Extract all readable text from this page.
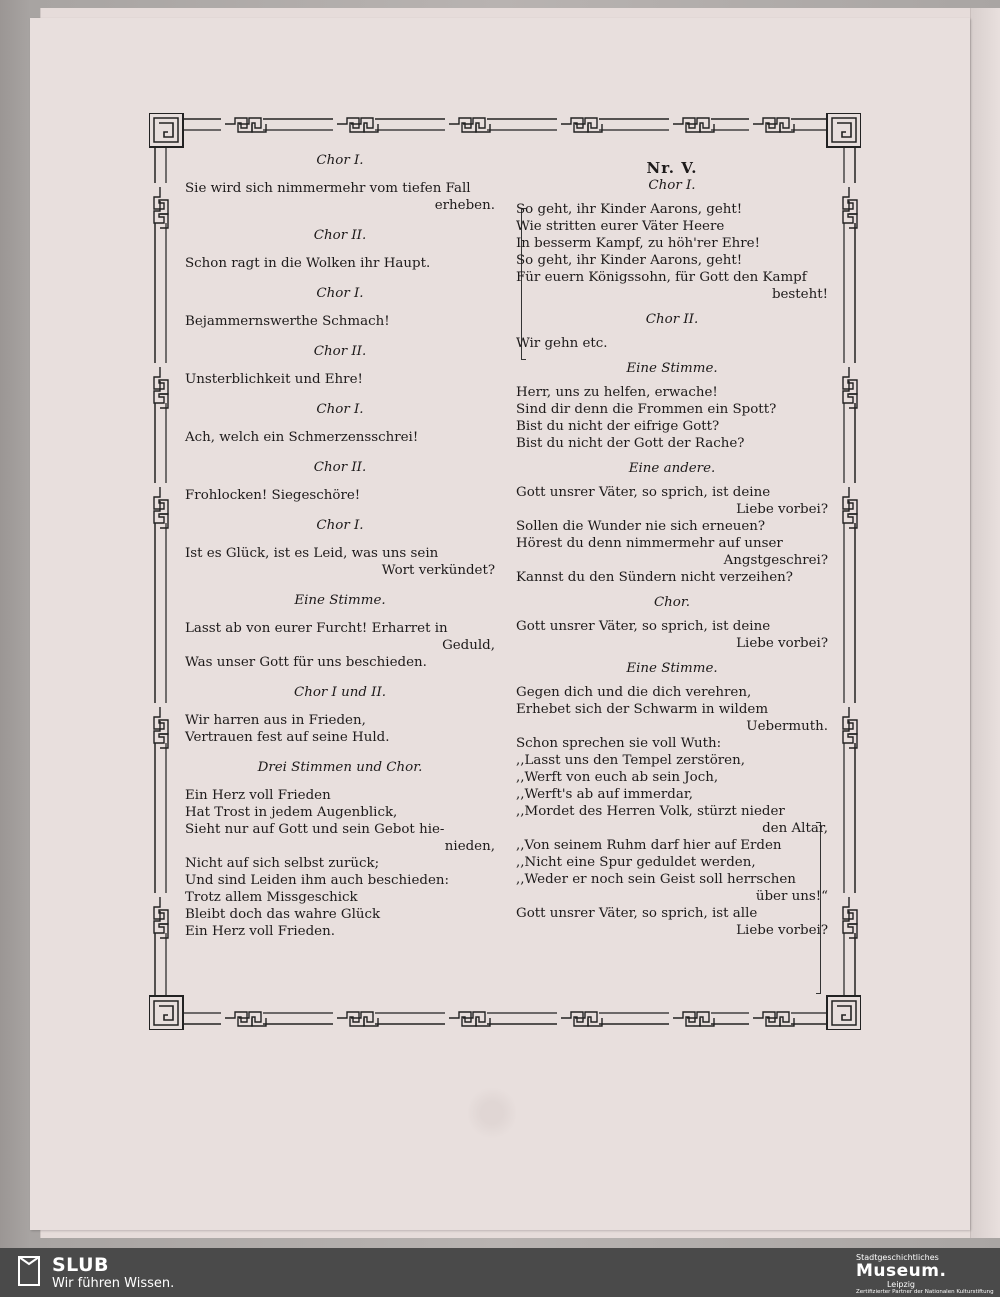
Chor I.
Sie wird sich nimmermehr vom tiefen Fall
erheben.
Chor II.
Schon ragt in die Wolken ihr Haupt.
Chor I.
Bejammernswerthe Schmach!
Chor II.
Unsterblichkeit und Ehre!
Chor I.
Ach, welch ein Schmerzensschrei!
Chor II.
Frohlocken! Siegeschöre!
Chor I.
Ist es Glück, ist es Leid, was uns sein
Wort verkündet?
Eine Stimme.
Lasst ab von eurer Furcht! Erharret in
Geduld,
Was unser Gott für uns beschieden.
Chor I und II.
Wir harren aus in Frieden,
Vertrauen fest auf seine Huld.
Drei Stimmen und Chor.
Ein Herz voll Frieden
Hat Trost in jedem Augenblick,
Sieht nur auf Gott und sein Gebot hie-
nieden,
Nicht auf sich selbst zurück;
Und sind Leiden ihm auch beschieden:
Trotz allem Missgeschick
Bleibt doch das wahre Glück
Ein Herz voll Frieden.
Nr. V.
Chor I.
So geht, ihr Kinder Aarons, geht!
Wie stritten eurer Väter Heere
In besserm Kampf, zu höh'rer Ehre!
So geht, ihr Kinder Aarons, geht!
Für euern Königssohn, für Gott den Kampf
besteht!
Chor II.
Wir gehn etc.
Eine Stimme.
Herr, uns zu helfen, erwache!
Sind dir denn die Frommen ein Spott?
Bist du nicht der eifrige Gott?
Bist du nicht der Gott der Rache?
Eine andere.
Gott unsrer Väter, so sprich, ist deine
Liebe vorbei?
Sollen die Wunder nie sich erneuen?
Hörest du denn nimmermehr auf unser
Angstgeschrei?
Kannst du den Sündern nicht verzeihen?
Chor.
Gott unsrer Väter, so sprich, ist deine
Liebe vorbei?
Eine Stimme.
Gegen dich und die dich verehren,
Erhebet sich der Schwarm in wildem
Uebermuth.
Schon sprechen sie voll Wuth:
,,Lasst uns den Tempel zerstören,
,,Werft von euch ab sein Joch,
,,Werft's ab auf immerdar,
,,Mordet des Herren Volk, stürzt nieder
den Altar,
,,Von seinem Ruhm darf hier auf Erden
,,Nicht eine Spur geduldet werden,
,,Weder er noch sein Geist soll herrschen
über uns!“
Gott unsrer Väter, so sprich, ist alle
Liebe vorbei?
SLUB
Wir führen Wissen.
Stadtgeschichtliches
Museum.
Leipzig
Zertifizierter Partner der Nationalen Kulturstiftung
